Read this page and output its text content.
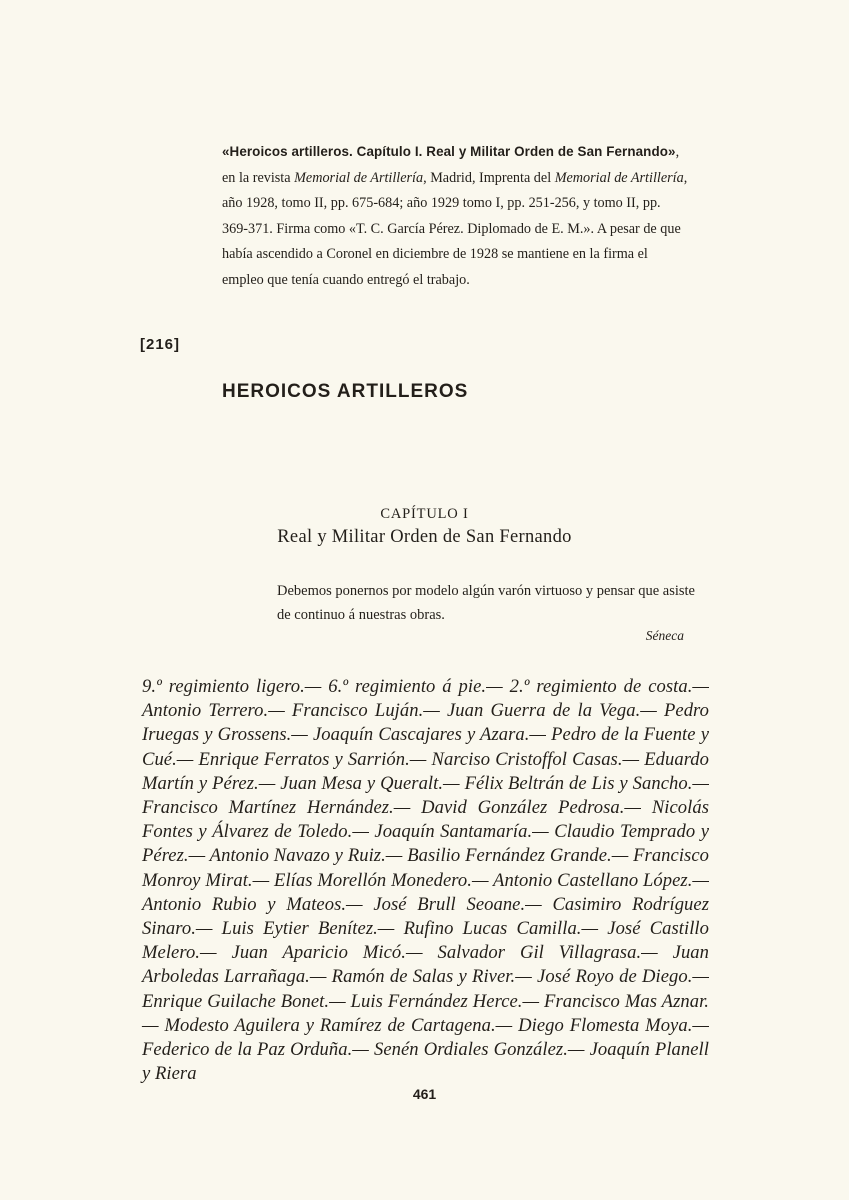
«Heroicos artilleros. Capítulo I. Real y Militar Orden de San Fernando»,
en la revista Memorial de Artillería, Madrid, Imprenta del Memorial de Artillería, año 1928, tomo II, pp. 675-684; año 1929 tomo I, pp. 251-256, y tomo II, pp. 369-371. Firma como «T. C. García Pérez. Diplomado de E. M.». A pesar de que había ascendido a Coronel en diciembre de 1928 se mantiene en la firma el empleo que tenía cuando entregó el trabajo.
[216]
HEROICOS ARTILLEROS
CAPÍTULO I
Real y Militar Orden de San Fernando
Debemos ponernos por modelo algún varón virtuoso y pensar que asiste de continuo á nuestras obras.
Séneca
9.º regimiento ligero.— 6.º regimiento á pie.— 2.º regimiento de costa.— Antonio Terrero.— Francisco Luján.— Juan Guerra de la Vega.— Pedro Iruegas y Grossens.— Joaquín Cascajares y Azara.— Pedro de la Fuente y Cué.— Enrique Ferratos y Sarrión.— Narciso Cristoffol Casas.— Eduardo Martín y Pérez.— Juan Mesa y Queralt.— Félix Beltrán de Lis y Sancho.— Francisco Martínez Hernández.— David González Pedrosa.— Nicolás Fontes y Álvarez de Toledo.— Joaquín Santamaría.— Claudio Temprado y Pérez.— Antonio Navazo y Ruiz.— Basilio Fernández Grande.— Francisco Monroy Mirat.— Elías Morellón Monedero.— Antonio Castellano López.— Antonio Rubio y Mateos.— José Brull Seoane.— Casimiro Rodríguez Sinaro.— Luis Eytier Benítez.— Rufino Lucas Camilla.— José Castillo Melero.— Juan Aparicio Micó.— Salvador Gil Villagrasa.— Juan Arboledas Larrañaga.— Ramón de Salas y River.— José Royo de Diego.— Enrique Guilache Bonet.— Luis Fernández Herce.— Francisco Mas Aznar.— Modesto Aguilera y Ramírez de Cartagena.— Diego Flomesta Moya.— Federico de la Paz Orduña.— Senén Ordiales González.— Joaquín Planell y Riera
461
